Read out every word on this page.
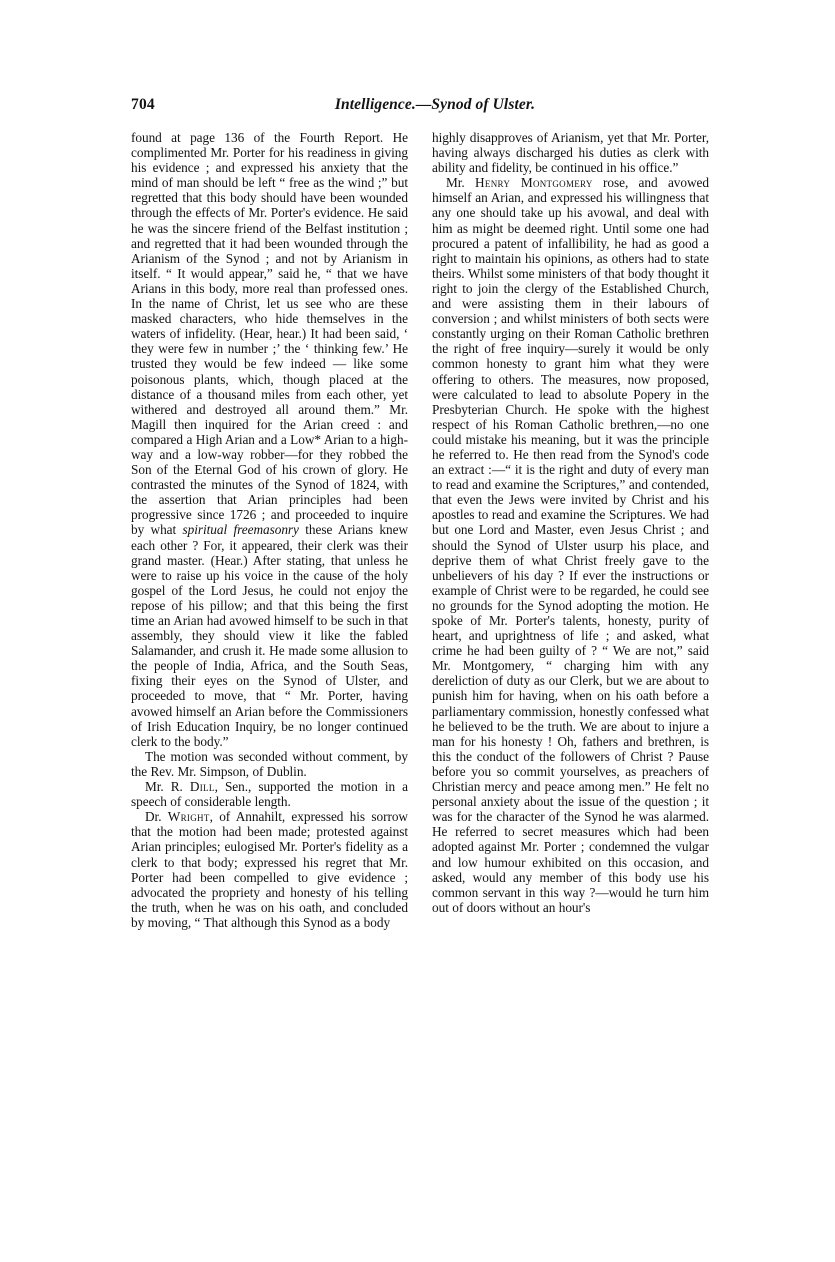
704	Intelligence.—Synod of Ulster.

found at page 136 of the Fourth Report. He complimented Mr. Porter for his readiness in giving his evidence ; and expressed his anxiety that the mind of man should be left “ free as the wind ;” but regretted that this body should have been wounded through the effects of Mr. Porter's evidence. He said he was the sincere friend of the Belfast institution ; and regretted that it had been wounded through the Arianism of the Synod ; and not by Arianism in itself. “ It would appear,” said he, “ that we have Arians in this body, more real than professed ones. In the name of Christ, let us see who are these masked characters, who hide themselves in the waters of infidelity. (Hear, hear.) It had been said, ‘ they were few in number ;’ the ‘ thinking few.’ He trusted they would be few indeed — like some poisonous plants, which, though placed at the distance of a thousand miles from each other, yet withered and destroyed all around them.” Mr. Magill then inquired for the Arian creed : and compared a High Arian and a Low* Arian to a high-way and a low-way robber—for they robbed the Son of the Eternal God of his crown of glory. He contrasted the minutes of the Synod of 1824, with the assertion that Arian principles had been progressive since 1726 ; and proceeded to inquire by what spiritual freemasonry these Arians knew each other ? For, it appeared, their clerk was their grand master. (Hear.) After stating, that unless he were to raise up his voice in the cause of the holy gospel of the Lord Jesus, he could not enjoy the repose of his pillow; and that this being the first time an Arian had avowed himself to be such in that assembly, they should view it like the fabled Salamander, and crush it. He made some allusion to the people of India, Africa, and the South Seas, fixing their eyes on the Synod of Ulster, and proceeded to move, that “ Mr. Porter, having avowed himself an Arian before the Commissioners of Irish Education Inquiry, be no longer continued clerk to the body.”

The motion was seconded without comment, by the Rev. Mr. Simpson, of Dublin.

Mr. R. Dill, Sen., supported the motion in a speech of considerable length.

Dr. Wright, of Annahilt, expressed his sorrow that the motion had been made; protested against Arian principles; eulogised Mr. Porter's fidelity as a clerk to that body; expressed his regret that Mr. Porter had been compelled to give evidence ; advocated the propriety and honesty of his telling the truth, when he was on his oath, and concluded by moving, “ That although this Synod as a body

highly disapproves of Arianism, yet that Mr. Porter, having always discharged his duties as clerk with ability and fidelity, be continued in his office.”

Mr. Henry Montgomery rose, and avowed himself an Arian, and expressed his willingness that any one should take up his avowal, and deal with him as might be deemed right. Until some one had procured a patent of infallibility, he had as good a right to maintain his opinions, as others had to state theirs. Whilst some ministers of that body thought it right to join the clergy of the Established Church, and were assisting them in their labours of conversion ; and whilst ministers of both sects were constantly urging on their Roman Catholic brethren the right of free inquiry—surely it would be only common honesty to grant him what they were offering to others. The measures, now proposed, were calculated to lead to absolute Popery in the Presbyterian Church. He spoke with the highest respect of his Roman Catholic brethren,—no one could mistake his meaning, but it was the principle he referred to. He then read from the Synod's code an extract :—“ it is the right and duty of every man to read and examine the Scriptures,” and contended, that even the Jews were invited by Christ and his apostles to read and examine the Scriptures. We had but one Lord and Master, even Jesus Christ ; and should the Synod of Ulster usurp his place, and deprive them of what Christ freely gave to the unbelievers of his day ? If ever the instructions or example of Christ were to be regarded, he could see no grounds for the Synod adopting the motion. He spoke of Mr. Porter's talents, honesty, purity of heart, and uprightness of life ; and asked, what crime he had been guilty of ? “ We are not,” said Mr. Montgomery, “ charging him with any dereliction of duty as our Clerk, but we are about to punish him for having, when on his oath before a parliamentary commission, honestly confessed what he believed to be the truth. We are about to injure a man for his honesty ! Oh, fathers and brethren, is this the conduct of the followers of Christ ? Pause before you so commit yourselves, as preachers of Christian mercy and peace among men.” He felt no personal anxiety about the issue of the question ; it was for the character of the Synod he was alarmed. He referred to secret measures which had been adopted against Mr. Porter ; condemned the vulgar and low humour exhibited on this occasion, and asked, would any member of this body use his common servant in this way ?—would he turn him out of doors without an hour's
